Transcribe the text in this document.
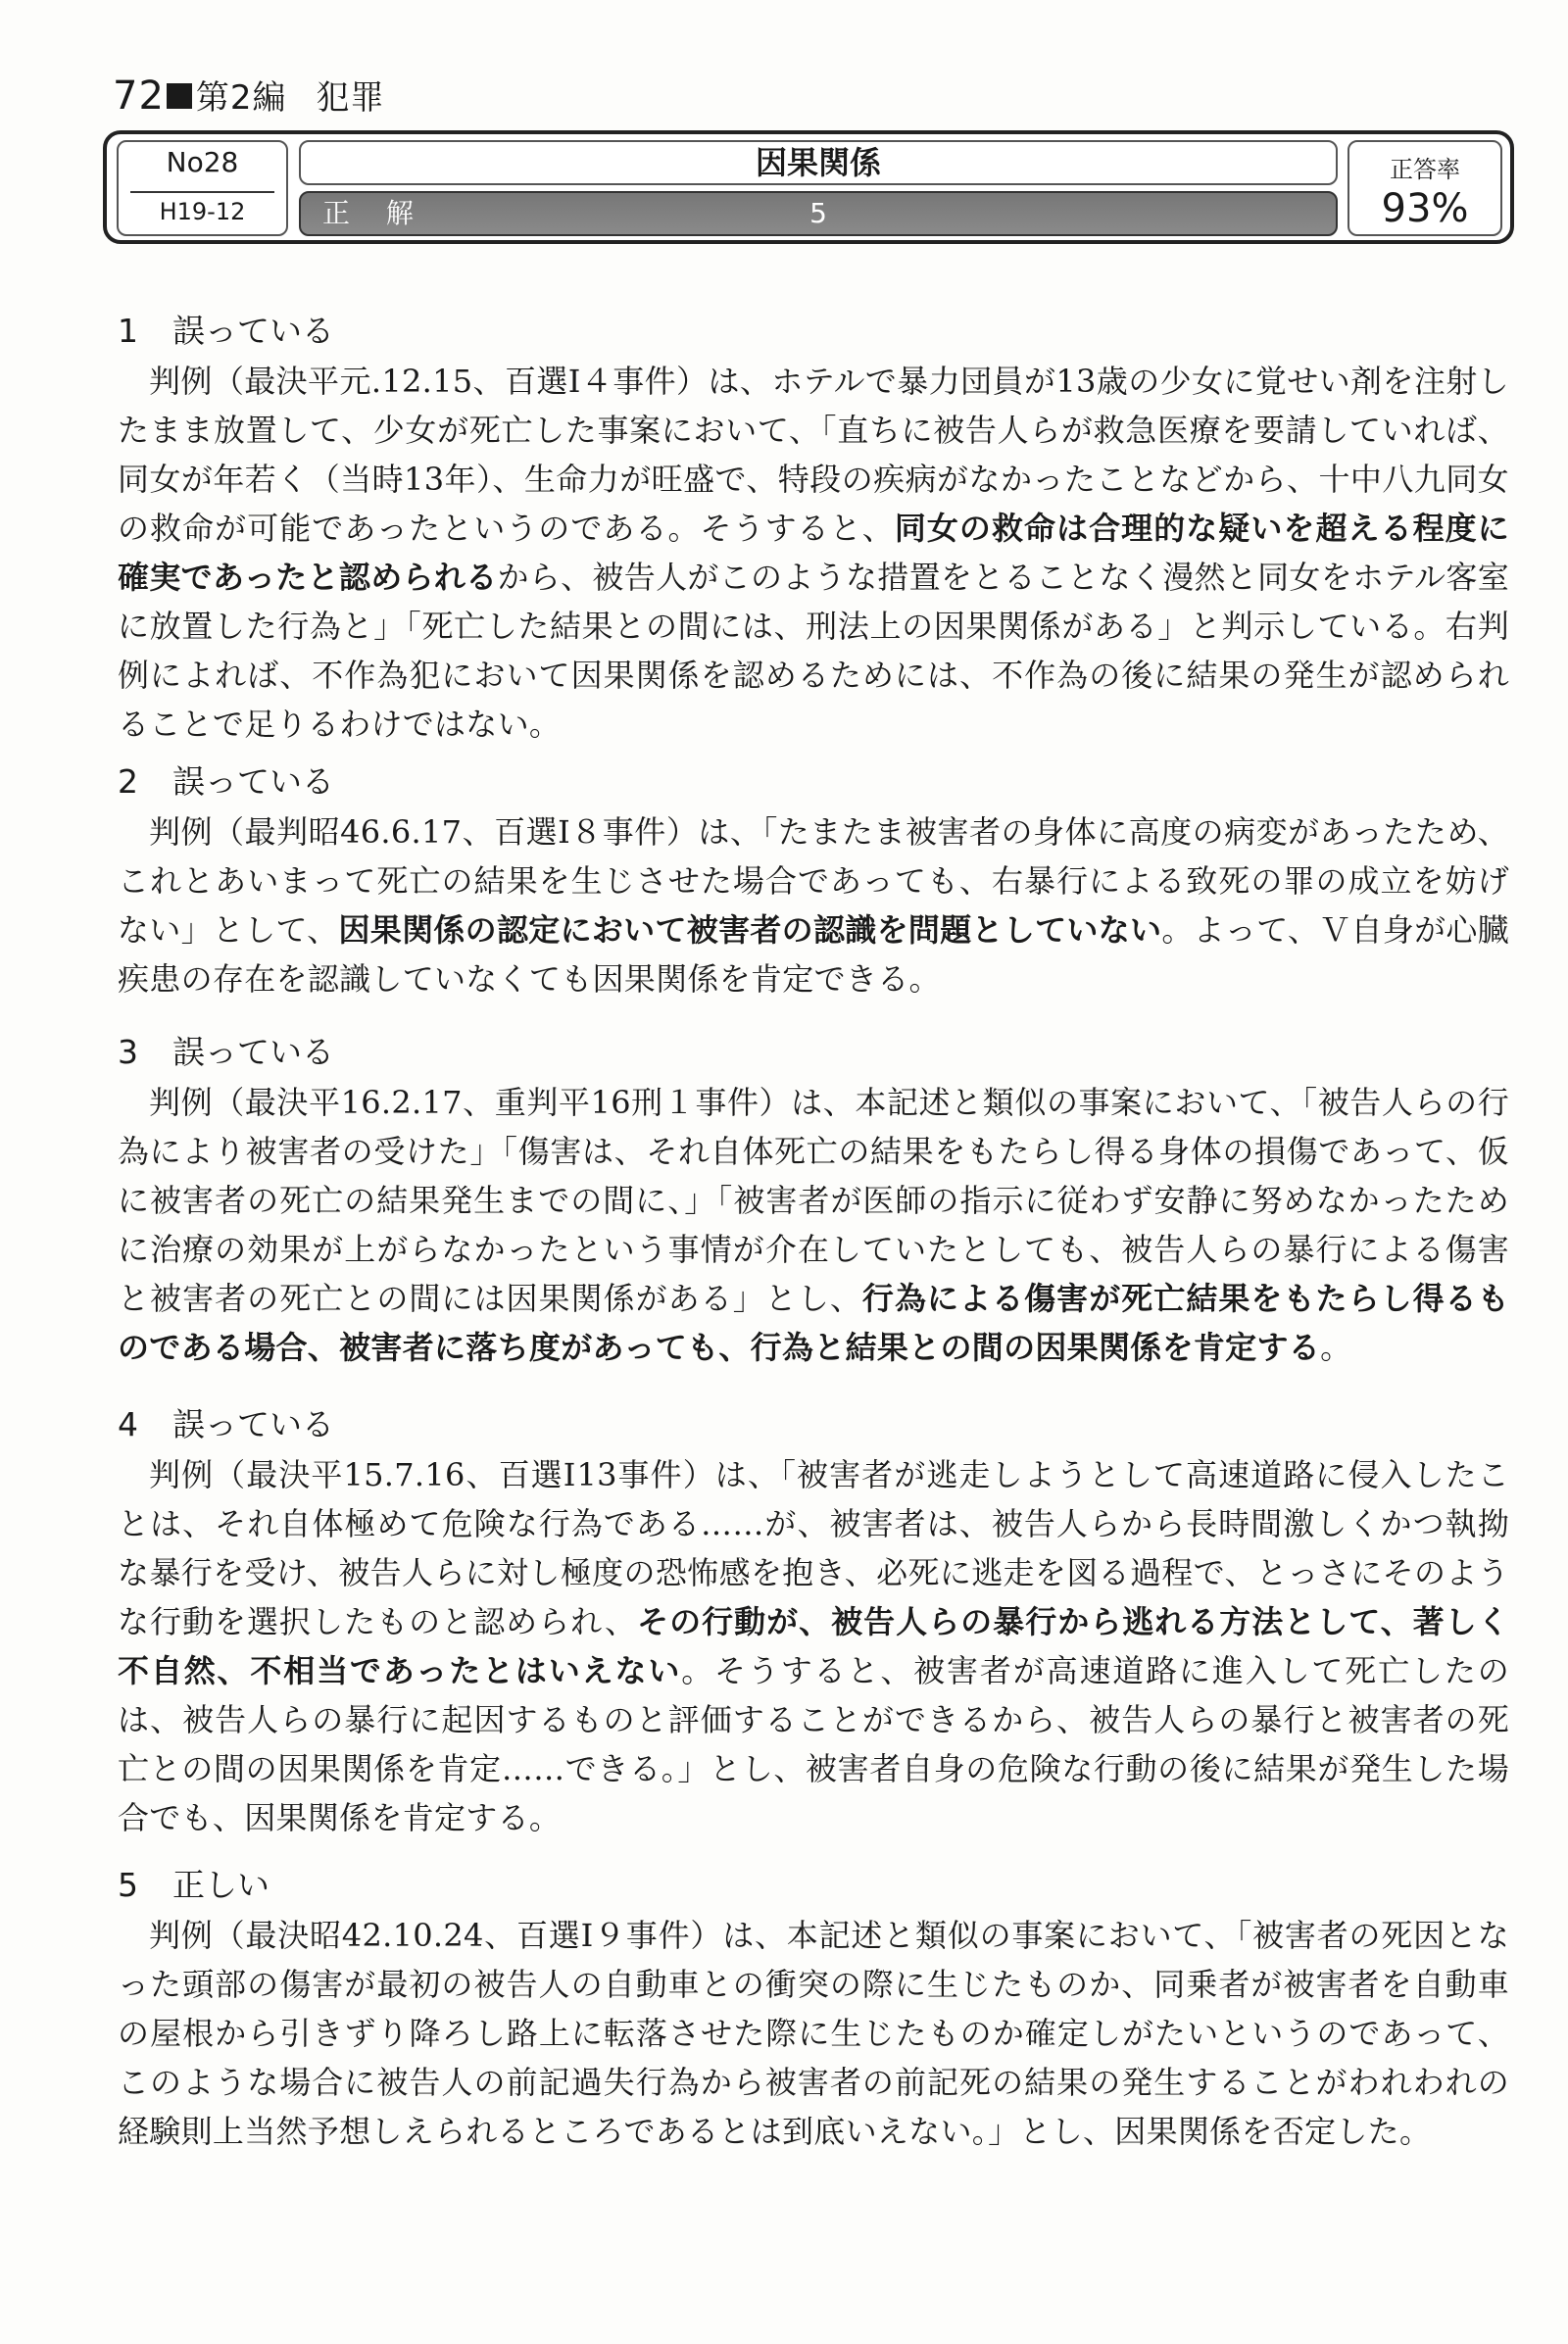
72 第2編 犯罪
No28
H19-12
因果関係
正 解	5
正答率
93%
1 誤っている

判例（最決平元.12.15、百選Ⅰ４事件）は、ホテルで暴力団員が13歳の少女に覚せい剤を注射したまま放置して、少女が死亡した事案において、「直ちに被告人らが救急医療を要請していれば、同女が年若く（当時13年）、生命力が旺盛で、特段の疾病がなかったことなどから、十中八九同女の救命が可能であったというのである。そうすると、同女の救命は合理的な疑いを超える程度に確実であったと認められるから、被告人がこのような措置をとることなく漫然と同女をホテル客室に放置した行為と」「死亡した結果との間には、刑法上の因果関係がある」と判示している。右判例によれば、不作為犯において因果関係を認めるためには、不作為の後に結果の発生が認められることで足りるわけではない。

2 誤っている

判例（最判昭46.6.17、百選Ⅰ８事件）は、「たまたま被害者の身体に高度の病変があったため、これとあいまって死亡の結果を生じさせた場合であっても、右暴行による致死の罪の成立を妨げない」として、因果関係の認定において被害者の認識を問題としていない。よって、Ｖ自身が心臓疾患の存在を認識していなくても因果関係を肯定できる。

3 誤っている

判例（最決平16.2.17、重判平16刑１事件）は、本記述と類似の事案において、「被告人らの行為により被害者の受けた」「傷害は、それ自体死亡の結果をもたらし得る身体の損傷であって、仮に被害者の死亡の結果発生までの間に、」「被害者が医師の指示に従わず安静に努めなかったために治療の効果が上がらなかったという事情が介在していたとしても、被告人らの暴行による傷害と被害者の死亡との間には因果関係がある」とし、行為による傷害が死亡結果をもたらし得るものである場合、被害者に落ち度があっても、行為と結果との間の因果関係を肯定する。

4 誤っている

判例（最決平15.7.16、百選Ⅰ13事件）は、「被害者が逃走しようとして高速道路に侵入したことは、それ自体極めて危険な行為である……が、被害者は、被告人らから長時間激しくかつ執拗な暴行を受け、被告人らに対し極度の恐怖感を抱き、必死に逃走を図る過程で、とっさにそのような行動を選択したものと認められ、その行動が、被告人らの暴行から逃れる方法として、著しく不自然、不相当であったとはいえない。そうすると、被害者が高速道路に進入して死亡したのは、被告人らの暴行に起因するものと評価することができるから、被告人らの暴行と被害者の死亡との間の因果関係を肯定……できる。」とし、被害者自身の危険な行動の後に結果が発生した場合でも、因果関係を肯定する。

5 正しい

判例（最決昭42.10.24、百選Ⅰ９事件）は、本記述と類似の事案において、「被害者の死因となった頭部の傷害が最初の被告人の自動車との衝突の際に生じたものか、同乗者が被害者を自動車の屋根から引きずり降ろし路上に転落させた際に生じたものか確定しがたいというのであって、このような場合に被告人の前記過失行為から被害者の前記死の結果の発生することがわれわれの経験則上当然予想しえられるところであるとは到底いえない。」とし、因果関係を否定した。
